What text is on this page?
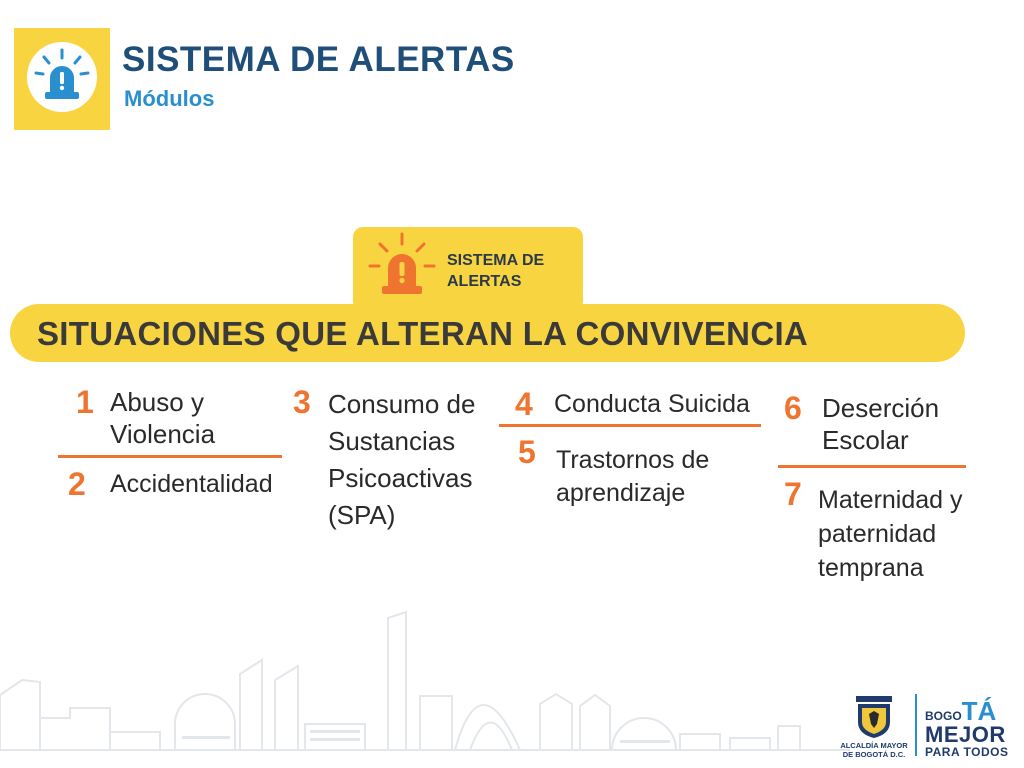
SISTEMA DE ALERTAS
Módulos
SISTEMA DE
ALERTAS
SITUACIONES QUE ALTERAN LA CONVIVENCIA
1 Abuso y
Violencia
2 Accidentalidad
3 Consumo de
Sustancias
Psicoactivas
(SPA)
4 Conducta Suicida
5 Trastornos de
aprendizaje
6 Deserción
Escolar
7 Maternidad y
paternidad
temprana
ALCALDÍA MAYOR
DE BOGOTÁ D.C.
BOGOTÁ
MEJOR
PARA TODOS
